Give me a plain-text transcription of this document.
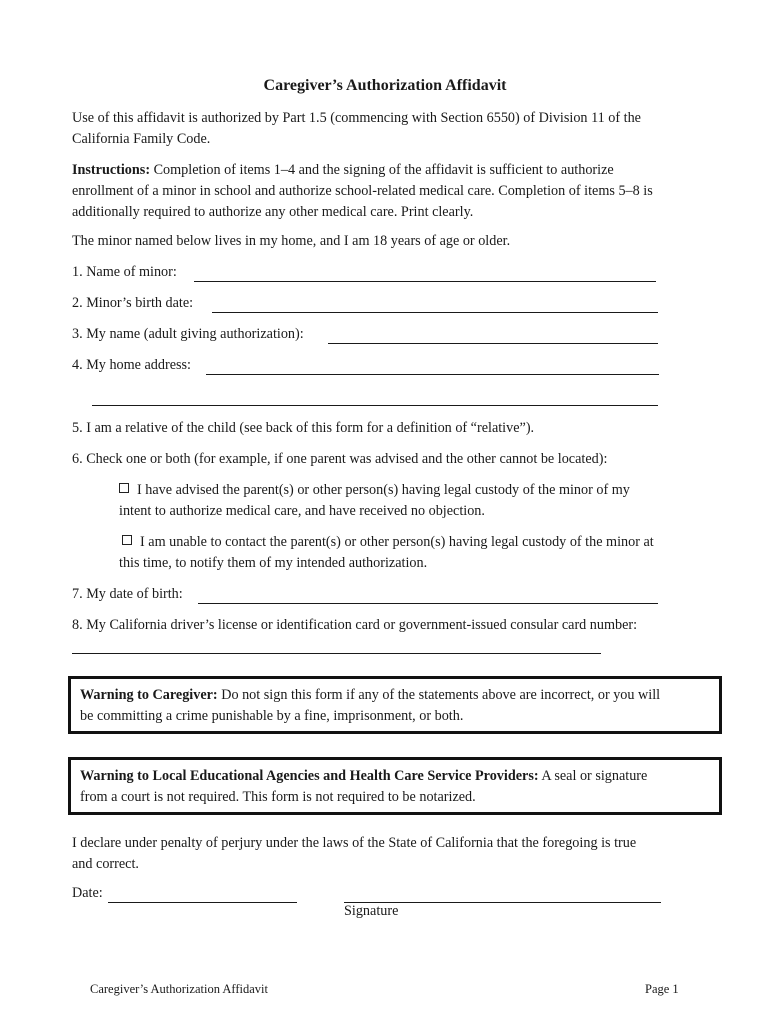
Caregiver’s Authorization Affidavit
Use of this affidavit is authorized by Part 1.5 (commencing with Section 6550) of Division 11 of the
California Family Code.
Instructions: Completion of items 1–4 and the signing of the affidavit is sufficient to authorize
enrollment of a minor in school and authorize school-related medical care. Completion of items 5–8 is
additionally required to authorize any other medical care. Print clearly.
The minor named below lives in my home, and I am 18 years of age or older.
1. Name of minor:
2. Minor’s birth date:
3. My name (adult giving authorization):
4. My home address:
5. I am a relative of the child (see back of this form for a definition of “relative”).
6. Check one or both (for example, if one parent was advised and the other cannot be located):
I have advised the parent(s) or other person(s) having legal custody of the minor of my
intent to authorize medical care, and have received no objection.
I am unable to contact the parent(s) or other person(s) having legal custody of the minor at
this time, to notify them of my intended authorization.
7. My date of birth:
8. My California driver’s license or identification card or government-issued consular card number:
Warning to Caregiver: Do not sign this form if any of the statements above are incorrect, or you will
be committing a crime punishable by a fine, imprisonment, or both.
Warning to Local Educational Agencies and Health Care Service Providers: A seal or signature
from a court is not required. This form is not required to be notarized.
I declare under penalty of perjury under the laws of the State of California that the foregoing is true
and correct.
Date:
Signature
Caregiver’s Authorization Affidavit	Page 1
